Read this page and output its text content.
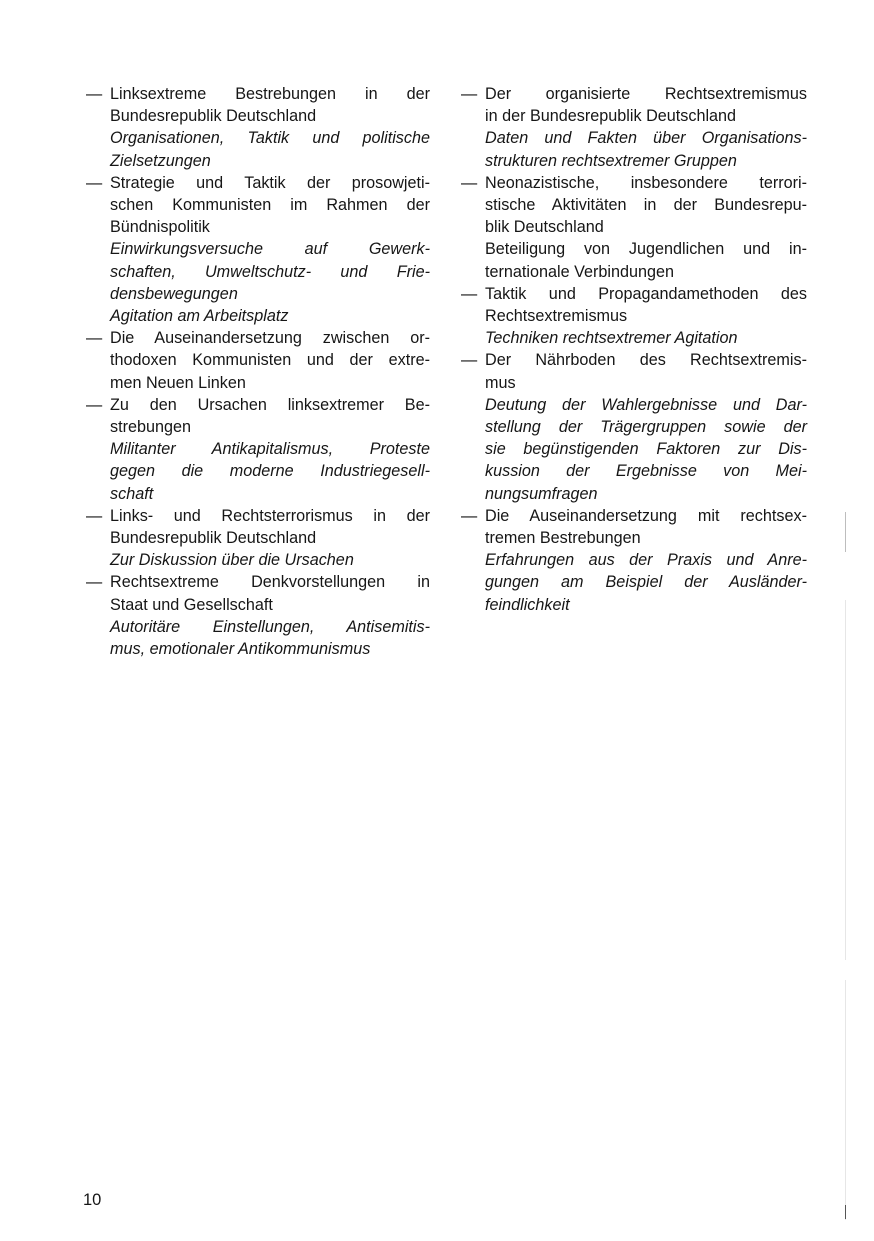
— Linksextreme Bestrebungen in der
Bundesrepublik Deutschland
Organisationen, Taktik und politische
Zielsetzungen
— Strategie und Taktik der prosowjeti-
schen Kommunisten im Rahmen der
Bündnispolitik
Einwirkungsversuche auf Gewerk-
schaften, Umweltschutz- und Frie-
densbewegungen
Agitation am Arbeitsplatz
— Die Auseinandersetzung zwischen or-
thodoxen Kommunisten und der extre-
men Neuen Linken
— Zu den Ursachen linksextremer Be-
strebungen
Militanter Antikapitalismus, Proteste
gegen die moderne Industriegesell-
schaft
— Links- und Rechtsterrorismus in der
Bundesrepublik Deutschland
Zur Diskussion über die Ursachen
— Rechtsextreme Denkvorstellungen in
Staat und Gesellschaft
Autoritäre Einstellungen, Antisemitis-
mus, emotionaler Antikommunismus
— Der organisierte Rechtsextremismus
in der Bundesrepublik Deutschland
Daten und Fakten über Organisations-
strukturen rechtsextremer Gruppen
— Neonazistische, insbesondere terrori-
stische Aktivitäten in der Bundesrepu-
blik Deutschland
Beteiligung von Jugendlichen und in-
ternationale Verbindungen
— Taktik und Propagandamethoden des
Rechtsextremismus
Techniken rechtsextremer Agitation
— Der Nährboden des Rechtsextremis-
mus
Deutung der Wahlergebnisse und Dar-
stellung der Trägergruppen sowie der
sie begünstigenden Faktoren zur Dis-
kussion der Ergebnisse von Mei-
nungsumfragen
— Die Auseinandersetzung mit rechtsex-
tremen Bestrebungen
Erfahrungen aus der Praxis und Anre-
gungen am Beispiel der Ausländer-
feindlichkeit
10
